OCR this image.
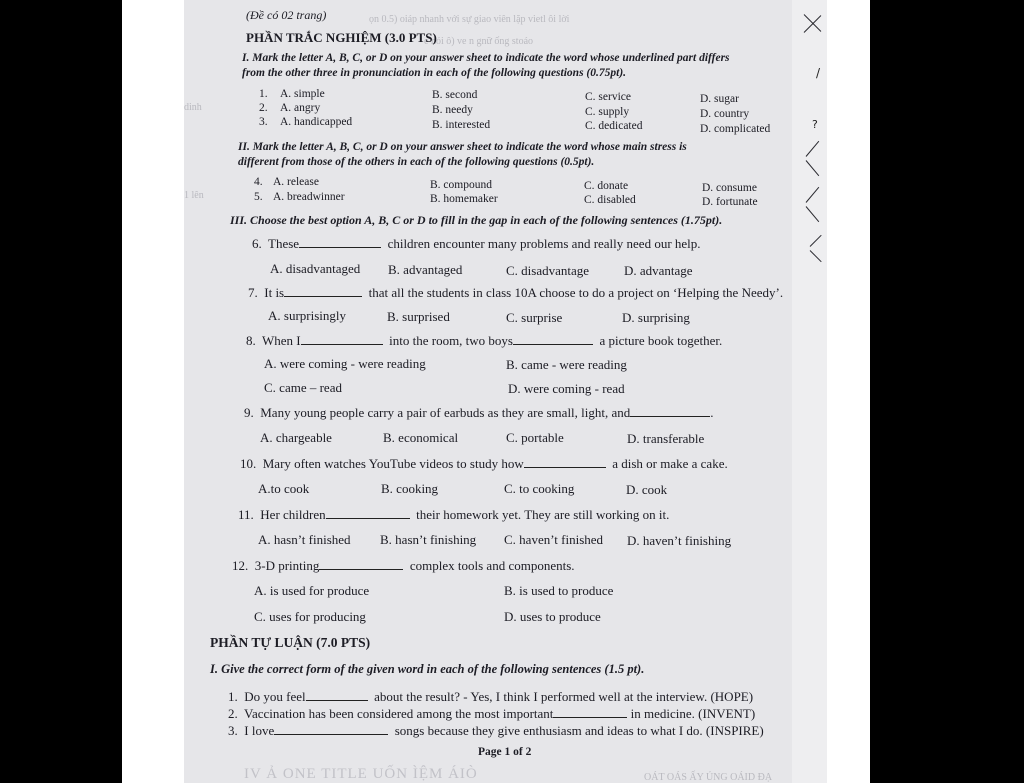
ọn 0.5) oiáp nhanh với sự giao viên lặp vietl ôi lời
e nói ô) ve n gnữ ống stoáo
dinh
1 lên
OÁT OÁS ẤY ỦNG OÁID ĐẠ
(Đề có 02 trang)
PHẦN TRẮC NGHIỆM (3.0 PTS)
I. Mark the letter A, B, C, or D on your answer sheet to indicate the word whose underlined part differs
from the other three in pronunciation in each of the following questions (0.75pt).
1. A. simple	B. second	C. service	D. sugar
2. A. angry	B. needy	C. supply	D. country
3. A. handicapped	B. interested	C. dedicated	D. complicated
II. Mark the letter A, B, C, or D on your answer sheet to indicate the word whose main stress is
different from those of the others in each of the following questions (0.5pt).
4. A. release	B. compound	C. donate	D. consume
5. A. breadwinner	B. homemaker	C. disabled	D. fortunate
III. Choose the best option A, B, C or D to fill in the gap in each of the following sentences (1.75pt).
6. These	children encounter many problems and really need our help.
A. disadvantaged B. advantaged	C. disadvantage	D. advantage
7. It is	that all the students in class 10A choose to do a project on ‘Helping the Needy’.
A. surprisingly	B. surprised	C. surprise	D. surprising
8. When I	into the room, two boys	a picture book together.
A. were coming - were reading	B. came - were reading
C. came – read	D. were coming - read
9. Many young people carry a pair of earbuds as they are small, light, and	.
A. chargeable	B. economical	C. portable	D. transferable
10. Mary often watches YouTube videos to study how	a dish or make a cake.
A.to cook	B. cooking	C. to cooking	D. cook
11. Her children	their homework yet. They are still working on it.
A. hasn’t finished B. hasn’t finishing C. haven’t finished D. haven’t finishing
12. 3-D printing	complex tools and components.
A. is used for produce	B. is used to produce
C. uses for producing	D. uses to produce
PHẦN TỰ LUẬN (7.0 PTS)
I. Give the correct form of the given word in each of the following sentences (1.5 pt).
1. Do you feel	about the result? - Yes, I think I performed well at the interview. (HOPE)
2. Vaccination has been considered among the most important	in medicine. (INVENT)
3. I love	songs because they give enthusiasm and ideas to what I do. (INSPIRE)
Page 1 of 2
IV Ả ONE TITLE UỐN ÌỆM ÁIÒ
/
?
